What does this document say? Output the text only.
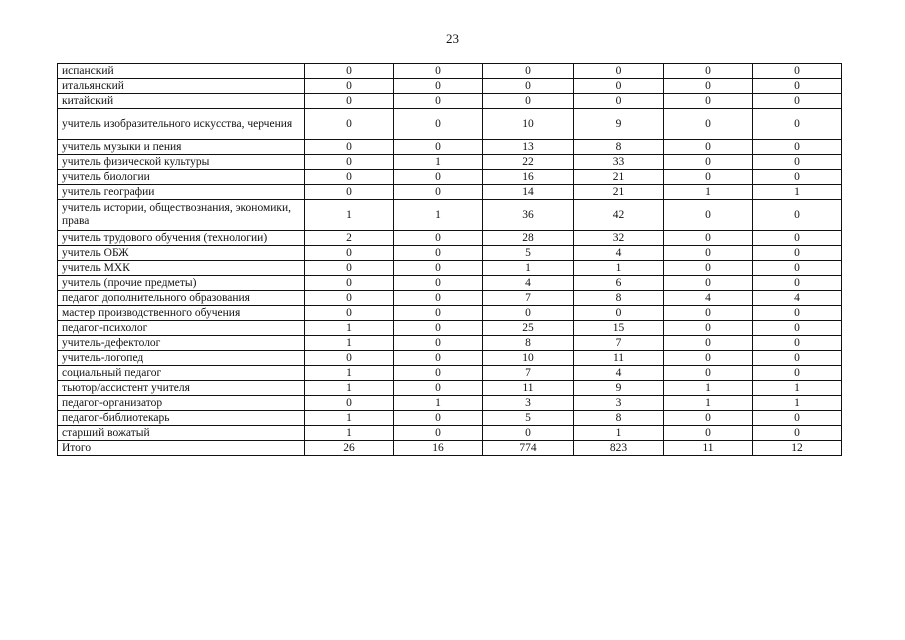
23
испанский	0	0	0	0	0	0
итальянский	0	0	0	0	0	0
китайский	0	0	0	0	0	0
учитель изобразительного искусства, черчения	0	0	10	9	0	0
учитель музыки и пения	0	0	13	8	0	0
учитель физической культуры	0	1	22	33	0	0
учитель биологии	0	0	16	21	0	0
учитель географии	0	0	14	21	1	1
учитель истории, обществознания, экономики, права	1	1	36	42	0	0
учитель трудового обучения (технологии)	2	0	28	32	0	0
учитель ОБЖ	0	0	5	4	0	0
учитель МХК	0	0	1	1	0	0
учитель (прочие предметы)	0	0	4	6	0	0
педагог дополнительного образования	0	0	7	8	4	4
мастер производственного обучения	0	0	0	0	0	0
педагог-психолог	1	0	25	15	0	0
учитель-дефектолог	1	0	8	7	0	0
учитель-логопед	0	0	10	11	0	0
социальный педагог	1	0	7	4	0	0
тьютор/ассистент учителя	1	0	11	9	1	1
педагог-организатор	0	1	3	3	1	1
педагог-библиотекарь	1	0	5	8	0	0
старший вожатый	1	0	0	1	0	0
Итого	26	16	774	823	11	12
